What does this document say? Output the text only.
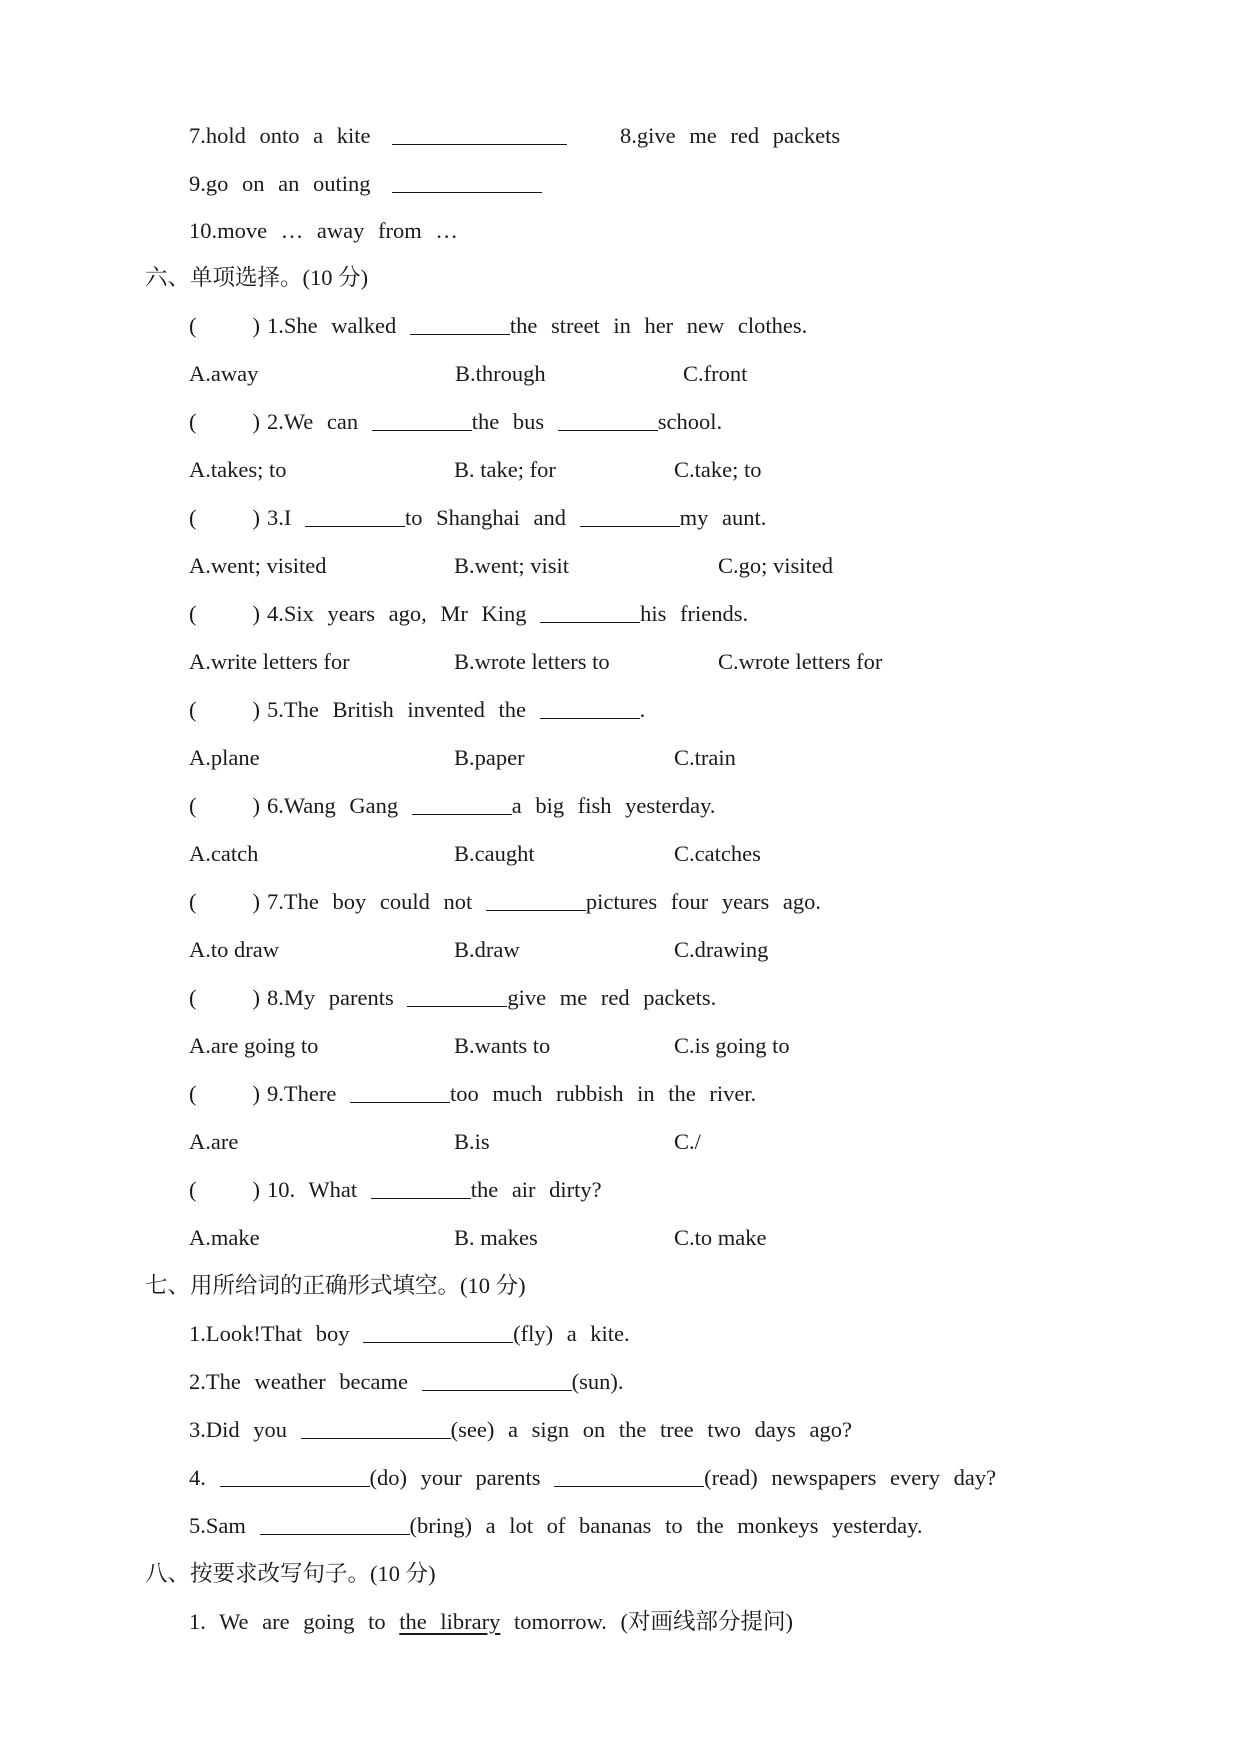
7.hold onto a kite	8.give me red packets
9.go on an outing
10.move … away from …
六、单项选择。(10 分)
( ) 1.She walked	the street in her new clothes.
A.away	B.through	C.front
( ) 2.We can	the bus	school.
A.takes; to	B. take; for	C.take; to
( ) 3.I	to Shanghai and	my aunt.
A.went; visited	B.went; visit	C.go; visited
( ) 4.Six years ago, Mr King	his friends.
A.write letters for	B.wrote letters to	C.wrote letters for
( ) 5.The British invented the	.
A.plane	B.paper	C.train
( ) 6.Wang Gang	a big fish yesterday.
A.catch	B.caught	C.catches
( ) 7.The boy could not	pictures four years ago.
A.to draw	B.draw	C.drawing
( ) 8.My parents	give me red packets.
A.are going to	B.wants to	C.is going to
( ) 9.There	too much rubbish in the river.
A.are	B.is	C./
( ) 10. What	the air dirty?
A.make	B. makes	C.to make
七、用所给词的正确形式填空。(10 分)
1.Look!That boy	(fly) a kite.
2.The weather became	(sun).
3.Did you	(see) a sign on the tree two days ago?
4.	(do) your parents	(read) newspapers every day?
5.Sam	(bring) a lot of bananas to the monkeys yesterday.
八、按要求改写句子。(10 分)
1. We are going to the library tomorrow. (对画线部分提问)
